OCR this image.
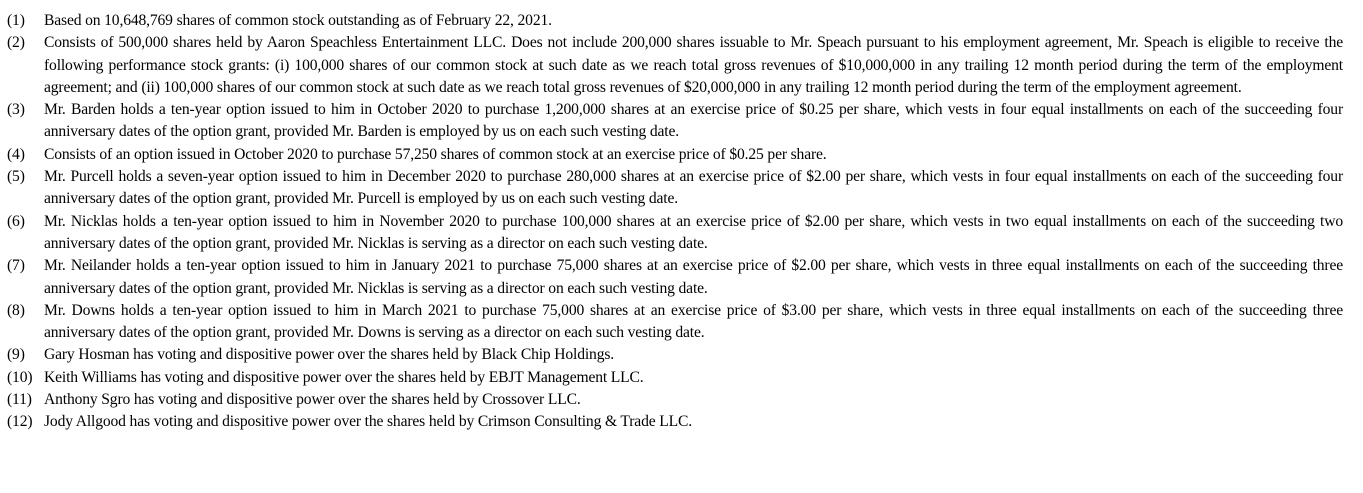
(1)	Based on 10,648,769 shares of common stock outstanding as of February 22, 2021.
(2)	Consists of 500,000 shares held by Aaron Speachless Entertainment LLC. Does not include 200,000 shares issuable to Mr. Speach pursuant to his employment agreement, Mr. Speach is eligible to receive the following performance stock grants: (i) 100,000 shares of our common stock at such date as we reach total gross revenues of $10,000,000 in any trailing 12 month period during the term of the employment agreement; and (ii) 100,000 shares of our common stock at such date as we reach total gross revenues of $20,000,000 in any trailing 12 month period during the term of the employment agreement.
(3)	Mr. Barden holds a ten-year option issued to him in October 2020 to purchase 1,200,000 shares at an exercise price of $0.25 per share, which vests in four equal installments on each of the succeeding four anniversary dates of the option grant, provided Mr. Barden is employed by us on each such vesting date.
(4)	Consists of an option issued in October 2020 to purchase 57,250 shares of common stock at an exercise price of $0.25 per share.
(5)	Mr. Purcell holds a seven-year option issued to him in December 2020 to purchase 280,000 shares at an exercise price of $2.00 per share, which vests in four equal installments on each of the succeeding four anniversary dates of the option grant, provided Mr. Purcell is employed by us on each such vesting date.
(6)	Mr. Nicklas holds a ten-year option issued to him in November 2020 to purchase 100,000 shares at an exercise price of $2.00 per share, which vests in two equal installments on each of the succeeding two anniversary dates of the option grant, provided Mr. Nicklas is serving as a director on each such vesting date.
(7)	Mr. Neilander holds a ten-year option issued to him in January 2021 to purchase 75,000 shares at an exercise price of $2.00 per share, which vests in three equal installments on each of the succeeding three anniversary dates of the option grant, provided Mr. Nicklas is serving as a director on each such vesting date.
(8)	Mr. Downs holds a ten-year option issued to him in March 2021 to purchase 75,000 shares at an exercise price of $3.00 per share, which vests in three equal installments on each of the succeeding three anniversary dates of the option grant, provided Mr. Downs is serving as a director on each such vesting date.
(9)	Gary Hosman has voting and dispositive power over the shares held by Black Chip Holdings.
(10) Keith Williams has voting and dispositive power over the shares held by EBJT Management LLC.
(11) Anthony Sgro has voting and dispositive power over the shares held by Crossover LLC.
(12) Jody Allgood has voting and dispositive power over the shares held by Crimson Consulting & Trade LLC.
